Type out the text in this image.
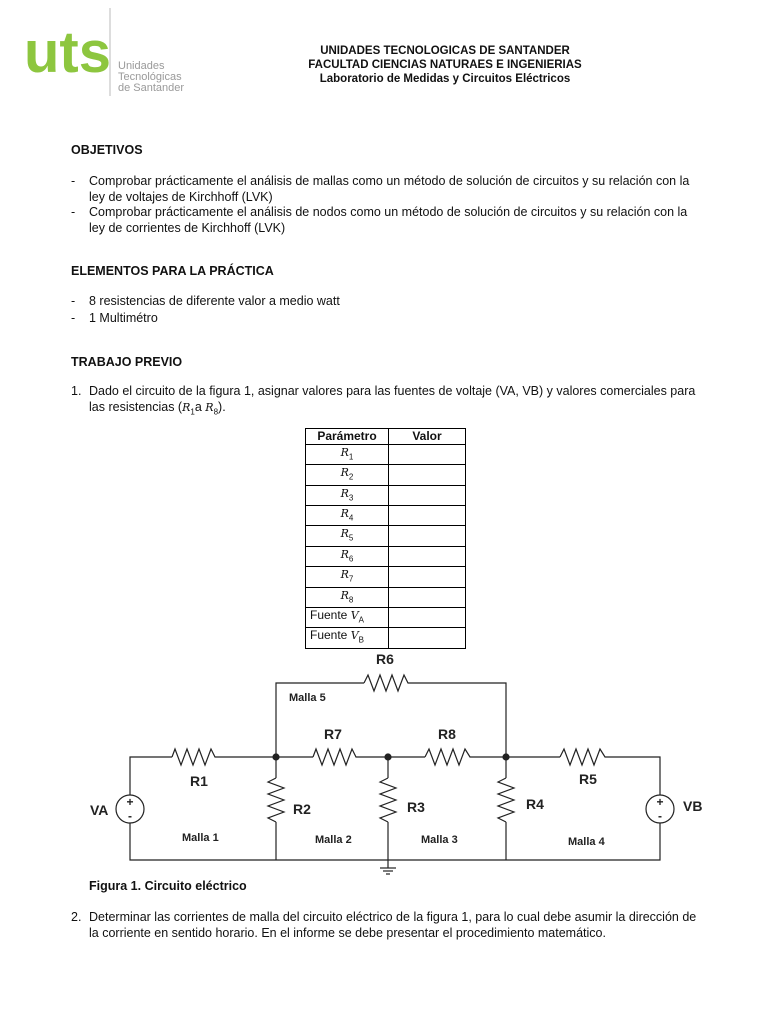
uts Unidades
Tecnológicas
de Santander
UNIDADES TECNOLOGICAS DE SANTANDER
FACULTAD CIENCIAS NATURAES E INGENIERIAS
Laboratorio de Medidas y Circuitos Eléctricos
OBJETIVOS
- Comprobar prácticamente el análisis de mallas como un método de solución de circuitos y su relación con la
ley de voltajes de Kirchhoff (LVK)
- Comprobar prácticamente el análisis de nodos como un método de solución de circuitos y su relación con la
ley de corrientes de Kirchhoff (LVK)
ELEMENTOS PARA LA PRÁCTICA
- 8 resistencias de diferente valor a medio watt
- 1 Multimétro
TRABAJO PREVIO
1. Dado el circuito de la figura 1, asignar valores para las fuentes de voltaje (VA, VB) y valores comerciales para
las resistencias ($R_1a$ $R_8$).
Parámetro	Valor
$R_1$	
$R_2$	
$R_3$	
$R_4$	
$R_5$	
$R_6$	
$R_7$	
$R_8$	
Fuente $V_A$	
Fuente $V_B$	
+
-
+
-
R1
R2	R3	R4
R5
R6
R7	R8
VA	VB
Malla 1	Malla 2	Malla 3	Malla 4
Malla 5
Figura 1. Circuito eléctrico
2. Determinar las corrientes de malla del circuito eléctrico de la figura 1, para lo cual debe asumir la dirección de
la corriente en sentido horario. En el informe se debe presentar el procedimiento matemático.
